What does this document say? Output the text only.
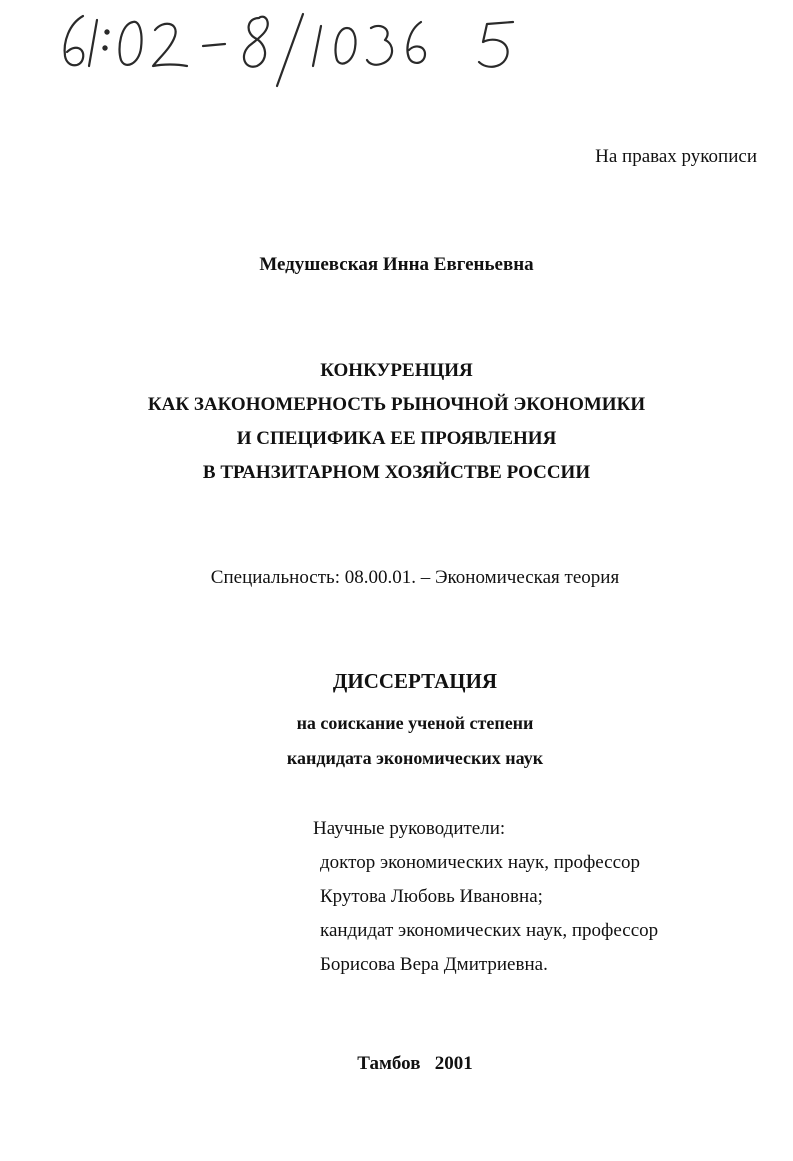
На правах рукописи
Медушевская Инна Евгеньевна
КОНКУРЕНЦИЯ
КАК ЗАКОНОМЕРНОСТЬ РЫНОЧНОЙ ЭКОНОМИКИ
И СПЕЦИФИКА ЕЕ ПРОЯВЛЕНИЯ
В ТРАНЗИТАРНОМ ХОЗЯЙСТВЕ РОССИИ
Специальность: 08.00.01. – Экономическая теория
ДИССЕРТАЦИЯ
на соискание ученой степени
кандидата экономических наук
Научные руководители:
доктор экономических наук, профессор
Крутова Любовь Ивановна;
кандидат экономических наук, профессор
Борисова Вера Дмитриевна.
Тамбов   2001
